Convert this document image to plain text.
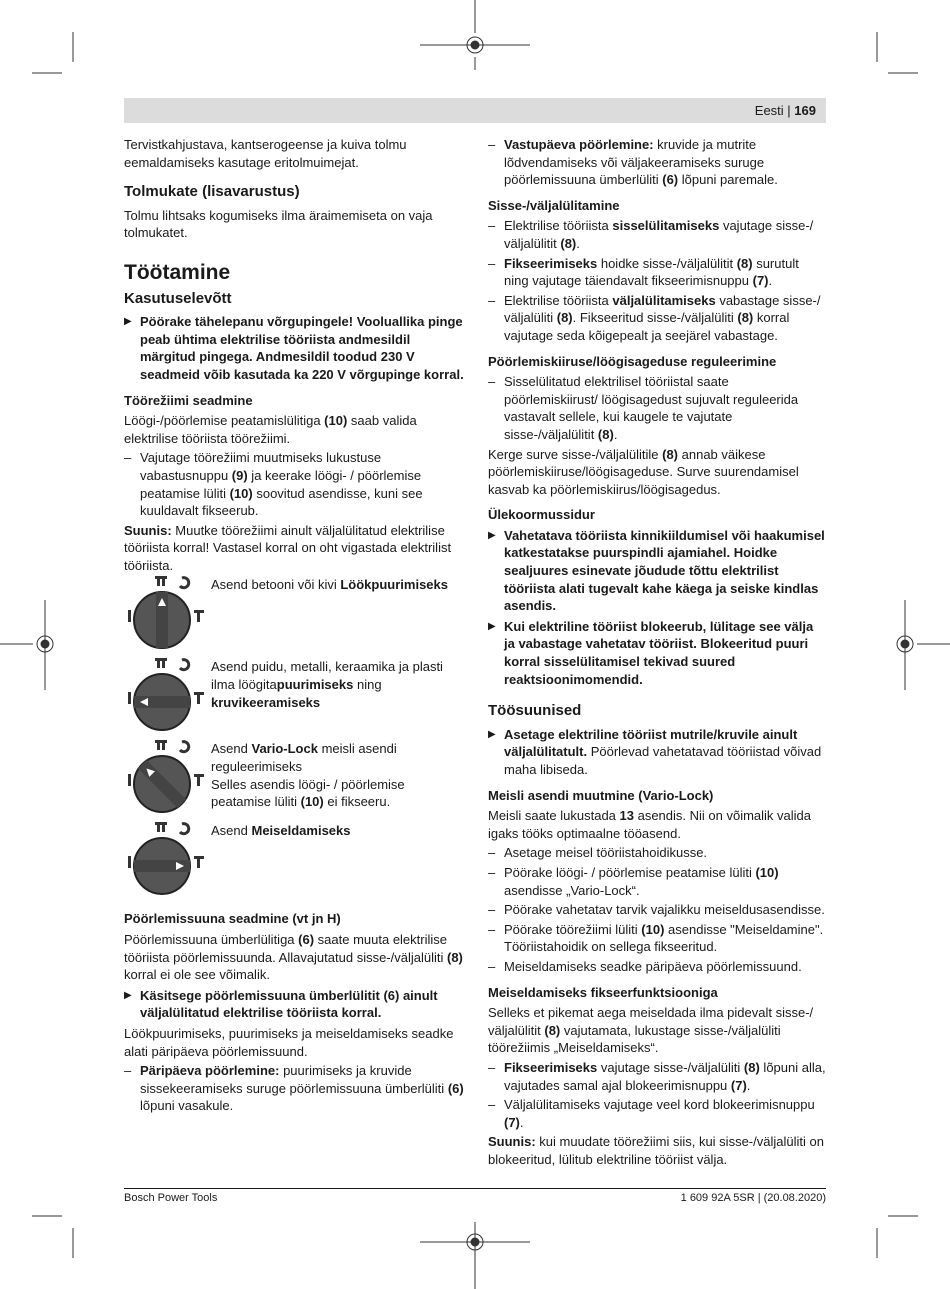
Eesti | 169

Tervistkahjustava, kantserogeense ja kuiva tolmu eemaldamiseks kasutage eritolmuimejat.

Tolmukate (lisavarustus)

Tolmu lihtsaks kogumiseks ilma äraimemiseta on vaja tolmukatet.

Töötamine
Kasutuselevõtt
▶ Pöörake tähelepanu võrgupingele! Vooluallika pinge peab ühtima elektrilise tööriista andmesildil märgitud pingega. Andmesildil toodud 230 V seadmeid võib kasutada ka 220 V võrgupinge korral.
Töörežiimi seadmine

Löögi-/pöörlemise peatamislülitiga (10) saab valida elektrilise tööriista töörežiimi.

– Vajutage töörežiimi muutmiseks lukustuse vabastusnuppu (9) ja keerake löögi- / pöörlemise peatamise lüliti (10) soovitud asendisse, kuni see kuuldavalt fikseerub.

Suunis: Muutke töörežiimi ainult väljalülitatud elektrilise tööriista korral! Vastasel korral on oht vigastada elektrilist tööriista.

Asend betooni või kivi Löökpuurimiseks
Asend puidu, metalli, keraamika ja plasti ilma löögitapuurimiseks ning kruvikeeramiseks
Asend Vario-Lock meisli asendi reguleerimiseks
Selles asendis löögi- / pöörlemise peatamise lüliti (10) ei fikseeru.
Asend Meiseldamiseks
Pöörlemissuuna seadmine (vt jn H)

Pöörlemissuuna ümberlülitiga (6) saate muuta elektrilise tööriista pöörlemissuunda. Allavajutatud sisse-/väljalüliti (8) korral ei ole see võimalik.

▶ Käsitsege pöörlemissuuna ümberlülitit (6) ainult väljalülitatud elektrilise tööriista korral.

Löökpuurimiseks, puurimiseks ja meiseldamiseks seadke alati päripäeva pöörlemissuund.

– Päripäeva pöörlemine: puurimiseks ja kruvide sissekeeramiseks suruge pöörlemissuuna ümberlüliti (6) lõpuni vasakule.
– Vastupäeva pöörlemine: kruvide ja mutrite lõdvendamiseks või väljakeeramiseks suruge pöörlemissuuna ümberlüliti (6) lõpuni paremale.
Sisse-/väljalülitamine
– Elektrilise tööriista sisselülitamiseks vajutage sisse-/ väljalülitit (8).
– Fikseerimiseks hoidke sisse-/väljalülitit (8) surutult ning vajutage täiendavalt fikseerimisnuppu (7).
– Elektrilise tööriista väljalülitamiseks vabastage sisse-/ väljalüliti (8). Fikseeritud sisse-/väljalüliti (8) korral vajutage seda kõigepealt ja seejärel vabastage.
Pöörlemiskiiruse/löögisageduse reguleerimine
– Sisselülitatud elektrilisel tööriistal saate pöörlemiskiirust/ löögisagedust sujuvalt reguleerida vastavalt sellele, kui kaugele te vajutate sisse-/väljalülitit (8).

Kerge surve sisse-/väljalülitile (8) annab väikese pöörlemiskiiruse/löögisageduse. Surve suurendamisel kasvab ka pöörlemiskiirus/löögisagedus.

Ülekoormussidur
▶ Vahetatava tööriista kinnikiildumisel või haakumisel katkestatakse puurspindli ajamiahel. Hoidke sealjuures esinevate jõudude tõttu elektrilist tööriista alati tugevalt kahe käega ja seiske kindlas asendis.
▶ Kui elektriline tööriist blokeerub, lülitage see välja ja vabastage vahetatav tööriist. Blokeeritud puuri korral sisselülitamisel tekivad suured reaktsioonimomendid.
Töösuunised
▶ Asetage elektriline tööriist mutrile/kruvile ainult väljalülitatult. Pöörlevad vahetatavad tööriistad võivad maha libiseda.
Meisli asendi muutmine (Vario-Lock)

Meisli saate lukustada 13 asendis. Nii on võimalik valida igaks tööks optimaalne tööasend.

– Asetage meisel tööriistahoidikusse.
– Pöörake löögi- / pöörlemise peatamise lüliti (10) asendisse „Vario-Lock“.
– Pöörake vahetatav tarvik vajalikku meiseldusasendisse.
– Pöörake töörežiimi lüliti (10) asendisse "Meiseldamine". Tööriistahoidik on sellega fikseeritud.
– Meiseldamiseks seadke päripäeva pöörlemissuund.
Meiseldamiseks fikseerfunktsiooniga

Selleks et pikemat aega meiseldada ilma pidevalt sisse-/ väljalülitit (8) vajutamata, lukustage sisse-/väljalüliti töörežiimis „Meiseldamiseks“.

– Fikseerimiseks vajutage sisse-/väljalüliti (8) lõpuni alla, vajutades samal ajal blokeerimisnuppu (7).
– Väljalülitamiseks vajutage veel kord blokeerimisnuppu (7).

Suunis: kui muudate töörežiimi siis, kui sisse-/väljalüliti on blokeeritud, lülitub elektriline tööriist välja.

Bosch Power Tools	1 609 92A 5SR | (20.08.2020)
